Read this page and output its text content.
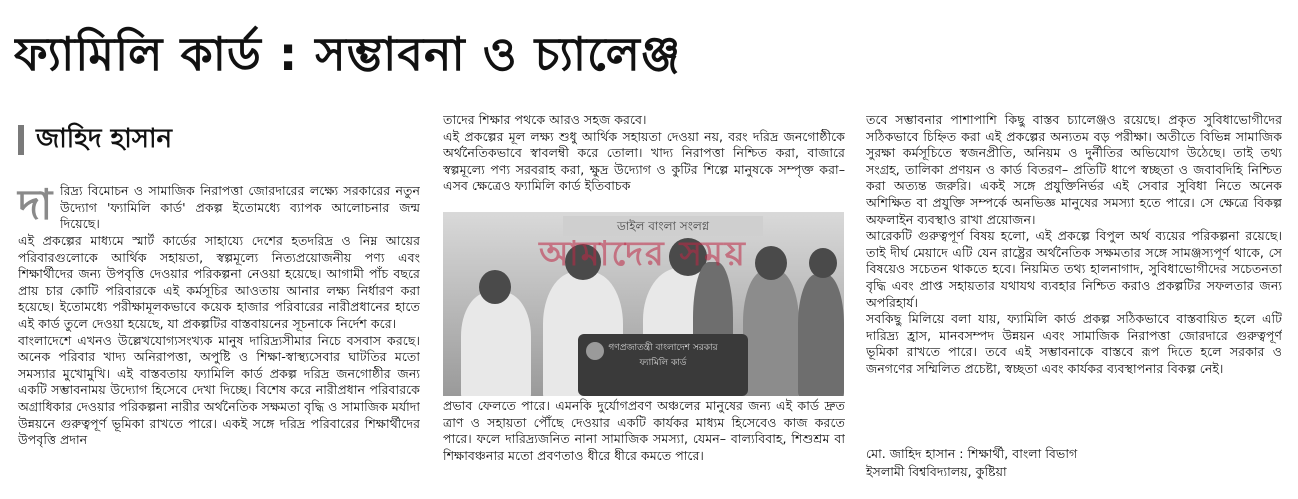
ফ্যামিলি কার্ড : সম্ভাবনা ও চ্যালেঞ্জ
জাহিদ হাসান
দা রিদ্র্য বিমোচন ও সামাজিক নিরাপত্তা জোরদারের লক্ষ্যে সরকারের নতুন উদ্যোগ 'ফ্যামিলি কার্ড' প্রকল্প ইতোমধ্যে ব্যাপক আলোচনার জন্ম দিয়েছে।

এই প্রকল্পের মাধ্যমে স্মার্ট কার্ডের সাহায্যে দেশের হতদরিদ্র ও নিম্ন আয়ের পরিবারগুলোকে আর্থিক সহায়তা, স্বল্পমূল্যে নিত্যপ্রয়োজনীয় পণ্য এবং শিক্ষার্থীদের জন্য উপবৃত্তি দেওয়ার পরিকল্পনা নেওয়া হয়েছে। আগামী পাঁচ বছরে প্রায় চার কোটি পরিবারকে এই কর্মসূচির আওতায় আনার লক্ষ্য নির্ধারণ করা হয়েছে। ইতোমধ্যে পরীক্ষামূলকভাবে কয়েক হাজার পরিবারের নারীপ্রধানের হাতে এই কার্ড তুলে দেওয়া হয়েছে, যা প্রকল্পটির বাস্তবায়নের সূচনাকে নির্দেশ করে।

বাংলাদেশে এখনও উল্লেখযোগ্যসংখ্যক মানুষ দারিদ্র্যসীমার নিচে বসবাস করছে। অনেক পরিবার খাদ্য অনিরাপত্তা, অপুষ্টি ও শিক্ষা-স্বাস্থ্যসেবার ঘাটতির মতো সমস্যার মুখোমুখি। এই বাস্তবতায় ফ্যামিলি কার্ড প্রকল্প দরিদ্র জনগোষ্ঠীর জন্য একটি সম্ভাবনাময় উদ্যোগ হিসেবে দেখা দিচ্ছে। বিশেষ করে নারীপ্রধান পরিবারকে অগ্রাধিকার দেওয়ার পরিকল্পনা নারীর অর্থনৈতিক সক্ষমতা বৃদ্ধি ও সামাজিক মর্যাদা উন্নয়নে গুরুত্বপূর্ণ ভূমিকা রাখতে পারে। একই সঙ্গে দরিদ্র পরিবারের শিক্ষার্থীদের উপবৃত্তি প্রদান

তাদের শিক্ষার পথকে আরও সহজ করবে।

এই প্রকল্পের মূল লক্ষ্য শুধু আর্থিক সহায়তা দেওয়া নয়, বরং দরিদ্র জনগোষ্ঠীকে অর্থনৈতিকভাবে স্বাবলম্বী করে তোলা। খাদ্য নিরাপত্তা নিশ্চিত করা, বাজারে স্বল্পমূল্যে পণ্য সরবরাহ করা, ক্ষুদ্র উদ্যোগ ও কুটির শিল্পে মানুষকে সম্পৃক্ত করা– এসব ক্ষেত্রেও ফ্যামিলি কার্ড ইতিবাচক

ডাইল বাংলা সংলগ্ন
আমাদের সময়
গণপ্রজাতন্ত্রী বাংলাদেশ সরকার
ফ্যামিলি কার্ড

প্রভাব ফেলতে পারে। এমনকি দুর্যোগপ্রবণ অঞ্চলের মানুষের জন্য এই কার্ড দ্রুত ত্রাণ ও সহায়তা পৌঁছে দেওয়ার একটি কার্যকর মাধ্যম হিসেবেও কাজ করতে পারে। ফলে দারিদ্র্যজনিত নানা সামাজিক সমস্যা, যেমন– বাল্যবিবাহ, শিশুশ্রম বা শিক্ষাবঞ্চনার মতো প্রবণতাও ধীরে ধীরে কমতে পারে।

তবে সম্ভাবনার পাশাপাশি কিছু বাস্তব চ্যালেঞ্জও রয়েছে। প্রকৃত সুবিধাভোগীদের সঠিকভাবে চিহ্নিত করা এই প্রকল্পের অন্যতম বড় পরীক্ষা। অতীতে বিভিন্ন সামাজিক সুরক্ষা কর্মসূচিতে স্বজনপ্রীতি, অনিয়ম ও দুর্নীতির অভিযোগ উঠেছে। তাই তথ্য সংগ্রহ, তালিকা প্রণয়ন ও কার্ড বিতরণ– প্রতিটি ধাপে স্বচ্ছতা ও জবাবদিহি নিশ্চিত করা অত্যন্ত জরুরি। একই সঙ্গে প্রযুক্তিনির্ভর এই সেবার সুবিধা নিতে অনেক অশিক্ষিত বা প্রযুক্তি সম্পর্কে অনভিজ্ঞ মানুষের সমস্যা হতে পারে। সে ক্ষেত্রে বিকল্প অফলাইন ব্যবস্থাও রাখা প্রয়োজন।

আরেকটি গুরুত্বপূর্ণ বিষয় হলো, এই প্রকল্পে বিপুল অর্থ ব্যয়ের পরিকল্পনা রয়েছে। তাই দীর্ঘ মেয়াদে এটি যেন রাষ্ট্রের অর্থনৈতিক সক্ষমতার সঙ্গে সামঞ্জস্যপূর্ণ থাকে, সে বিষয়েও সচেতন থাকতে হবে। নিয়মিত তথ্য হালনাগাদ, সুবিধাভোগীদের সচেতনতা বৃদ্ধি এবং প্রাপ্ত সহায়তার যথাযথ ব্যবহার নিশ্চিত করাও প্রকল্পটির সফলতার জন্য অপরিহার্য।

সবকিছু মিলিয়ে বলা যায়, ফ্যামিলি কার্ড প্রকল্প সঠিকভাবে বাস্তবায়িত হলে এটি দারিদ্র্য হ্রাস, মানবসম্পদ উন্নয়ন এবং সামাজিক নিরাপত্তা জোরদারে গুরুত্বপূর্ণ ভূমিকা রাখতে পারে। তবে এই সম্ভাবনাকে বাস্তবে রূপ দিতে হলে সরকার ও জনগণের সম্মিলিত প্রচেষ্টা, স্বচ্ছতা এবং কার্যকর ব্যবস্থাপনার বিকল্প নেই।

মো. জাহিদ হাসান : শিক্ষার্থী, বাংলা বিভাগ
ইসলামী বিশ্ববিদ্যালয়, কুষ্টিয়া
